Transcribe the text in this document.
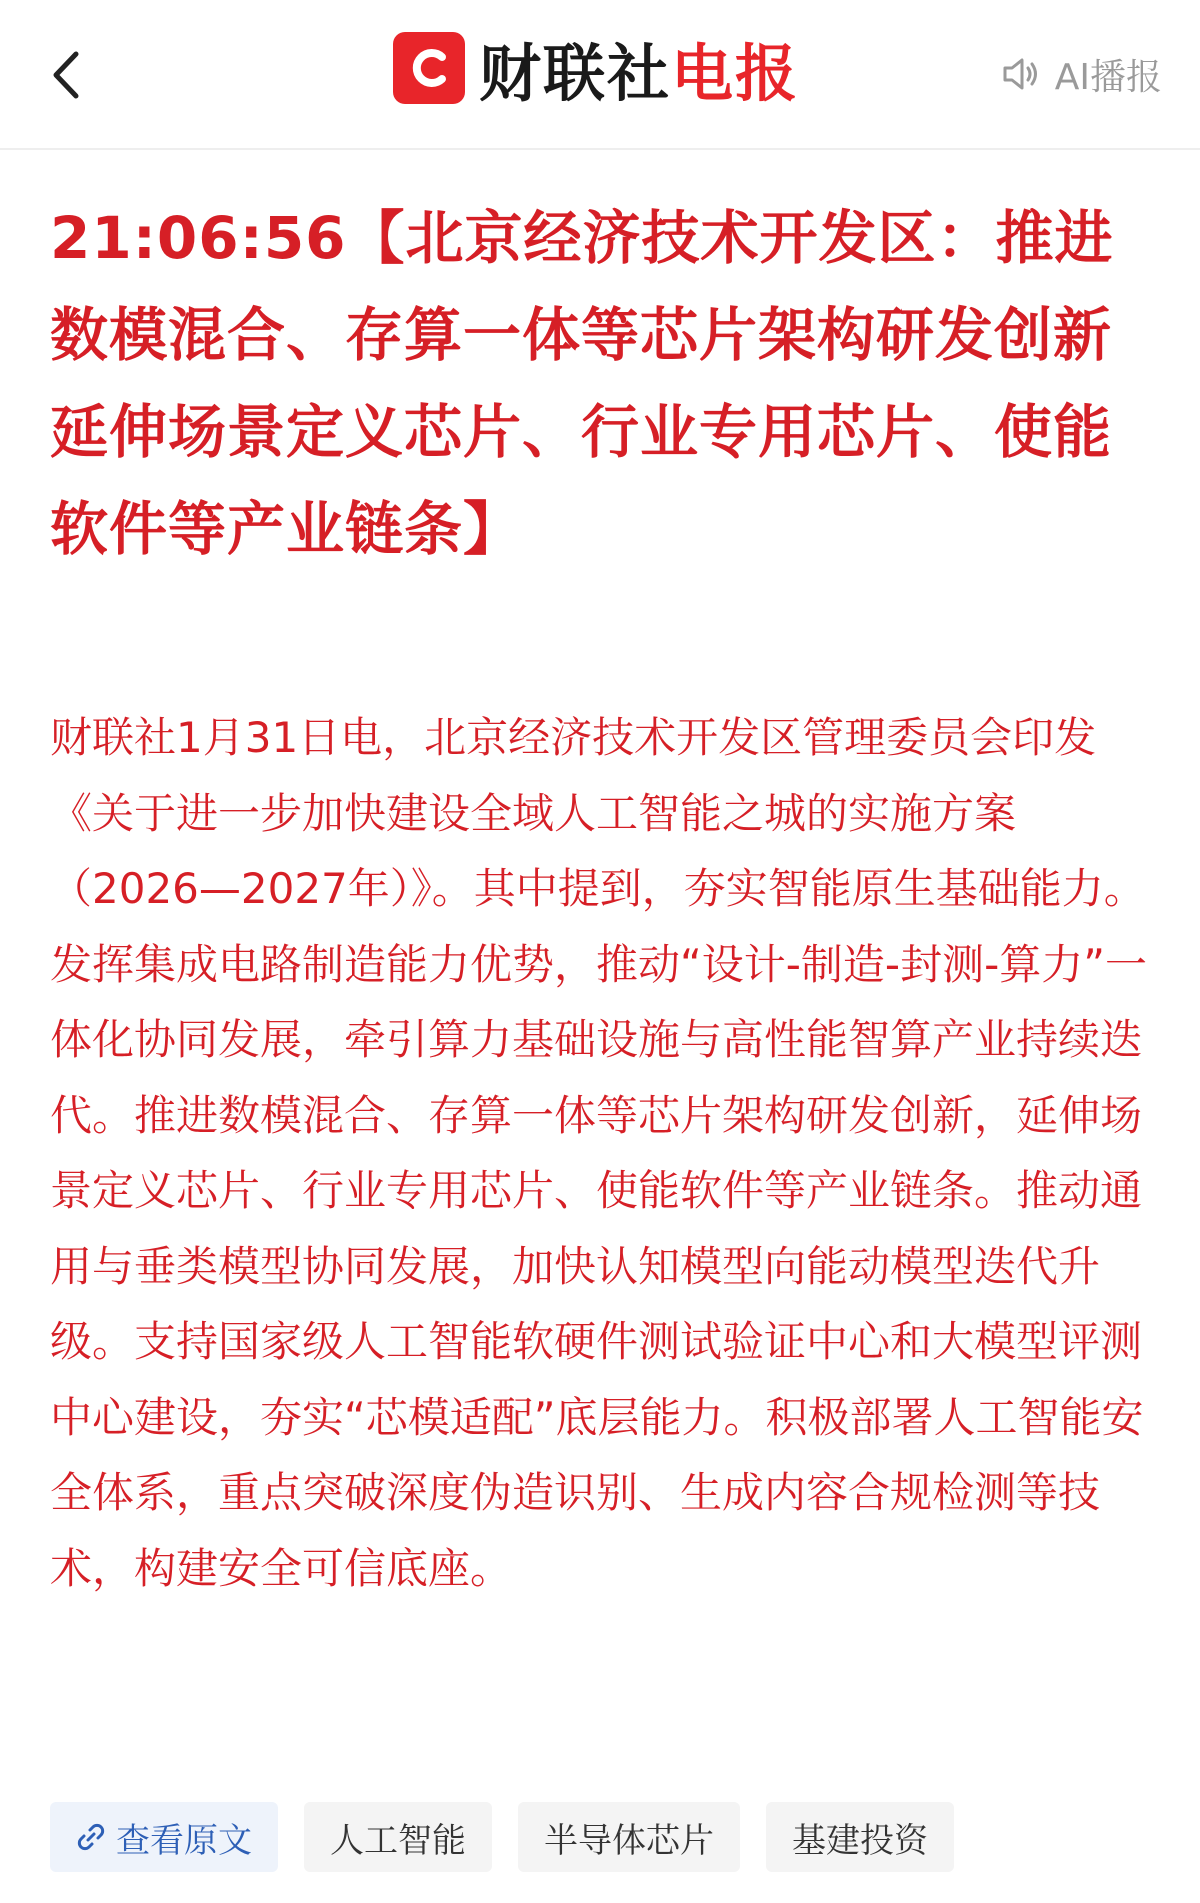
财联社电报	AI播报
21:06:56【北京经济技术开发区：推进数模混合、存算一体等芯片架构研发创新 延伸场景定义芯片、行业专用芯片、使能软件等产业链条】
财联社1月31日电，北京经济技术开发区管理委员会印发《关于进一步加快建设全域人工智能之城的实施方案（2026—2027年）》。其中提到，夯实智能原生基础能力。发挥集成电路制造能力优势，推动“设计-制造-封测-算力”一体化协同发展，牵引算力基础设施与高性能智算产业持续迭代。推进数模混合、存算一体等芯片架构研发创新，延伸场景定义芯片、行业专用芯片、使能软件等产业链条。推动通用与垂类模型协同发展，加快认知模型向能动模型迭代升级。支持国家级人工智能软硬件测试验证中心和大模型评测中心建设，夯实“芯模适配”底层能力。积极部署人工智能安全体系，重点突破深度伪造识别、生成内容合规检测等技术，构建安全可信底座。
查看原文	人工智能	半导体芯片	基建投资
